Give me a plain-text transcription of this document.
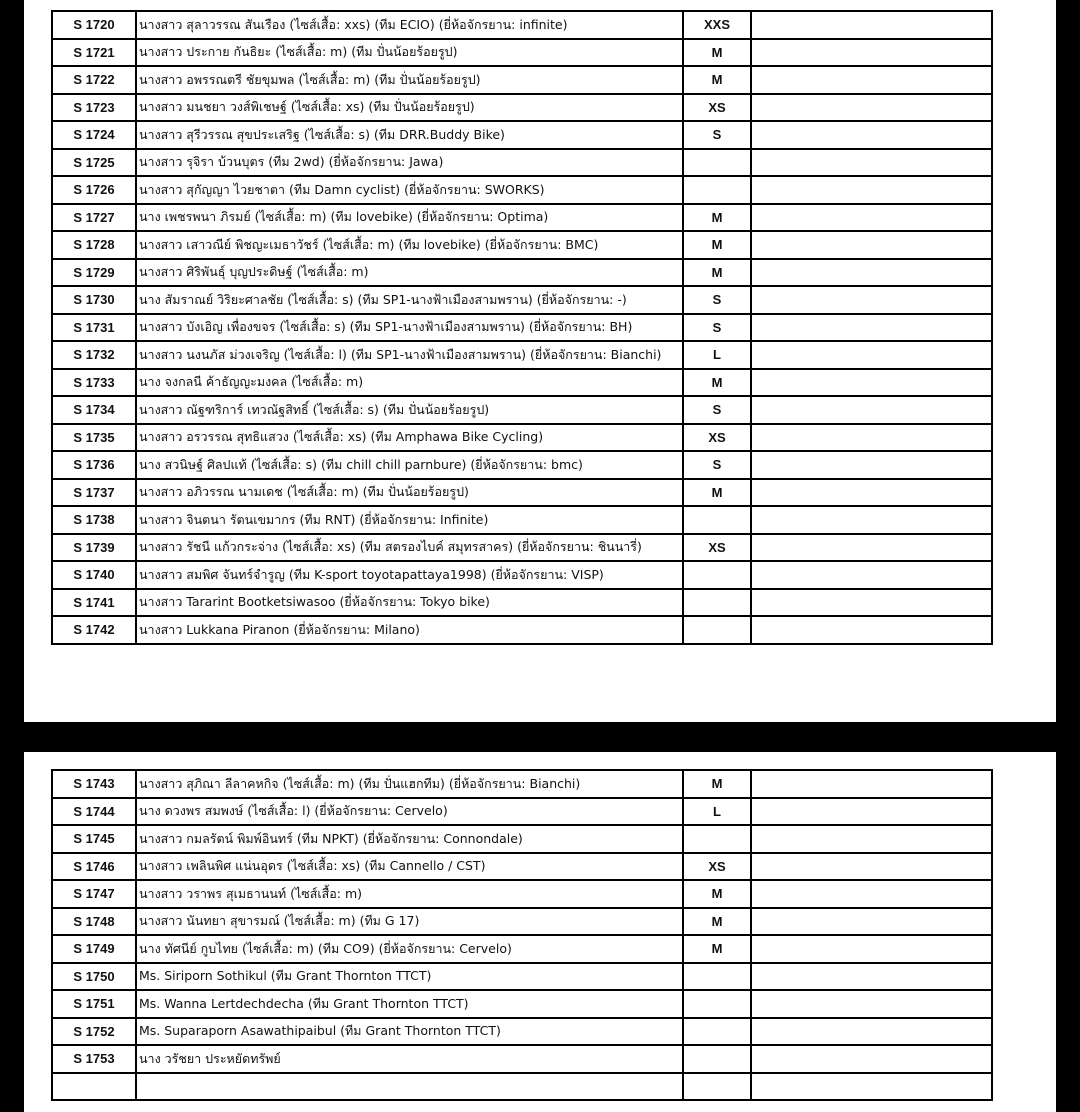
S 1720	นางสาว สุลาวรรณ สันเรือง (ไซส์เสื้อ: xxs) (ทีม ECIO) (ยี่ห้อจักรยาน: infinite)	XXS	
S 1721	นางสาว ประกาย กันธิยะ (ไซส์เสื้อ: m) (ทีม ปั่นน้อยร้อยรูป)	M	
S 1722	นางสาว อพรรณตรี ชัยขุมพล (ไซส์เสื้อ: m) (ทีม ปั่นน้อยร้อยรูป)	M	
S 1723	นางสาว มนชยา วงส์พิเชษฐ์ (ไซส์เสื้อ: xs) (ทีม ปั่นน้อยร้อยรูป)	XS	
S 1724	นางสาว สุรีวรรณ สุขประเสริฐ (ไซส์เสื้อ: s) (ทีม DRR.Buddy Bike)	S	
S 1725	นางสาว รุจิรา บ้วนบุตร (ทีม 2wd) (ยี่ห้อจักรยาน: Jawa)		
S 1726	นางสาว สุกัญญา ไวยชาตา (ทีม Damn cyclist) (ยี่ห้อจักรยาน: SWORKS)		
S 1727	นาง เพชรพนา ภิรมย์ (ไซส์เสื้อ: m) (ทีม lovebike) (ยี่ห้อจักรยาน: Optima)	M	
S 1728	นางสาว เสาวณีย์ พิชญะเมธาวัชร์ (ไซส์เสื้อ: m) (ทีม lovebike) (ยี่ห้อจักรยาน: BMC)	M	
S 1729	นางสาว ศิริพันธุ์ บุญประดิษฐ์ (ไซส์เสื้อ: m)	M	
S 1730	นาง สัมราณย์ วิริยะศาลชัย (ไซส์เสื้อ: s) (ทีม SP1-นางฟ้าเมืองสามพราน) (ยี่ห้อจักรยาน: -)	S	
S 1731	นางสาว บังเอิญ เพื่องขจร (ไซส์เสื้อ: s) (ทีม SP1-นางฟ้าเมืองสามพราน) (ยี่ห้อจักรยาน: BH)	S	
S 1732	นางสาว นงนภัส ม่วงเจริญ (ไซส์เสื้อ: l) (ทีม SP1-นางฟ้าเมืองสามพราน) (ยี่ห้อจักรยาน: Bianchi)	L	
S 1733	นาง จงกลนี ค้าธัญญะมงคล (ไซส์เสื้อ: m)	M	
S 1734	นางสาว ณัฐฑริการ์ เทวณัฐสิทธิ์ (ไซส์เสื้อ: s) (ทีม ปั่นน้อยร้อยรูป)	S	
S 1735	นางสาว อรวรรณ สุทธิแสวง (ไซส์เสื้อ: xs) (ทีม Amphawa Bike Cycling)	XS	
S 1736	นาง สวนิษฐ์ ศิลปแท้ (ไซส์เสื้อ: s) (ทีม chill chill parnbure) (ยี่ห้อจักรยาน: bmc)	S	
S 1737	นางสาว อภิวรรณ นามเดช (ไซส์เสื้อ: m) (ทีม ปั่นน้อยร้อยรูป)	M	
S 1738	นางสาว จินตนา รัตนเขมากร (ทีม RNT) (ยี่ห้อจักรยาน: Infinite)		
S 1739	นางสาว รัชนี แก้วกระจ่าง (ไซส์เสื้อ: xs) (ทีม สตรองไบค์ สมุทรสาคร) (ยี่ห้อจักรยาน: ชินนารี่)	XS	
S 1740	นางสาว สมพิศ จันทร์จำรูญ (ทีม K-sport toyotapattaya1998) (ยี่ห้อจักรยาน: VISP)		
S 1741	นางสาว Tararint Bootketsiwasoo (ยี่ห้อจักรยาน: Tokyo bike)		
S 1742	นางสาว Lukkana Piranon (ยี่ห้อจักรยาน: Milano)		
S 1743	นางสาว สุภิณา ลีลาคหกิจ (ไซส์เสื้อ: m) (ทีม ปั่นแฮกทีม) (ยี่ห้อจักรยาน: Bianchi)	M	
S 1744	นาง ดวงพร สมพงษ์ (ไซส์เสื้อ: l) (ยี่ห้อจักรยาน: Cervelo)	L	
S 1745	นางสาว กมลรัตน์ พิมพ์อินทร์ (ทีม NPKT) (ยี่ห้อจักรยาน: Connondale)		
S 1746	นางสาว เพลินพิศ แน่นอุดร (ไซส์เสื้อ: xs) (ทีม Cannello / CST)	XS	
S 1747	นางสาว วราพร สุเมธานนท์ (ไซส์เสื้อ: m)	M	
S 1748	นางสาว นันทยา สุขารมณ์ (ไซส์เสื้อ: m) (ทีม G 17)	M	
S 1749	นาง ทัศนีย์ กูบไทย (ไซส์เสื้อ: m) (ทีม CO9) (ยี่ห้อจักรยาน: Cervelo)	M	
S 1750	Ms. Siriporn Sothikul (ทีม Grant Thornton TTCT)		
S 1751	Ms. Wanna Lertdechdecha (ทีม Grant Thornton TTCT)		
S 1752	Ms. Suparaporn Asawathipaibul (ทีม Grant Thornton TTCT)		
S 1753	นาง วรัชยา ประหยัดทรัพย์		
